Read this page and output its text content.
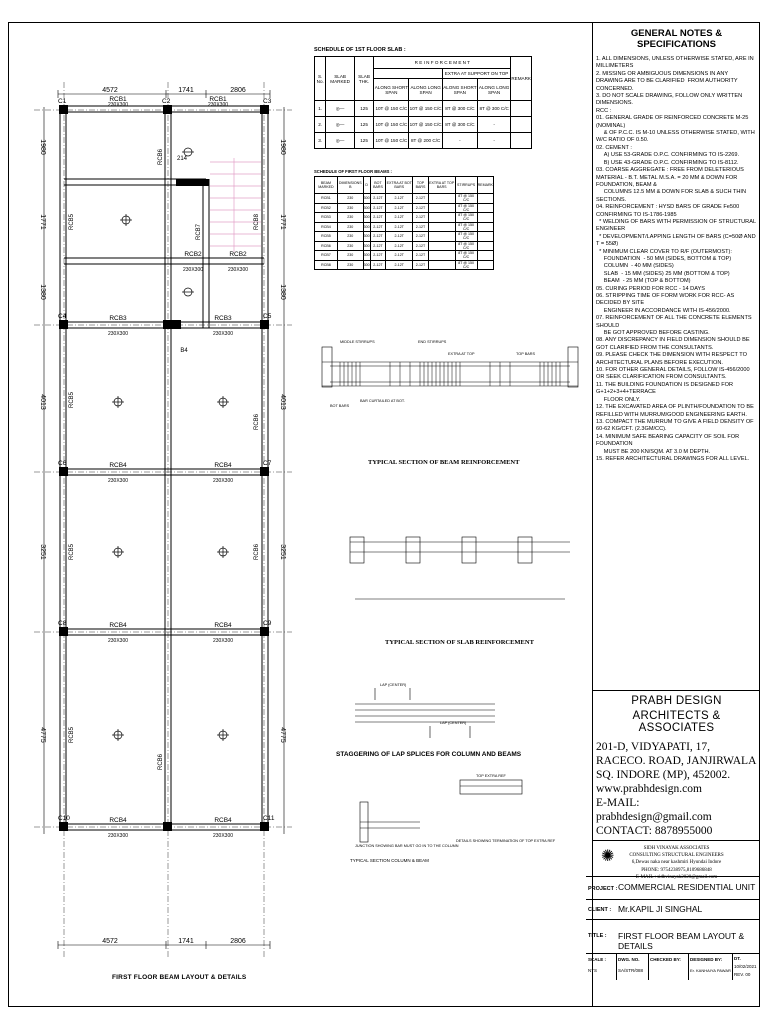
4572	1741	2806
4572	1741	2806
1980
1771
1380
4013
3251
4775
1980
1771
1380
4013
3251
4775
C1	C2	C3
C4	C5
C6	C7
C8	C9
C10	C11
RCB1
230X300
RCB1
230X300
RCB2
230X300
RCB2
230X300
RCB3
230X300
RCB3
230X300
RCB4
230X300
RCB4
230X300
RCB4
230X300
RCB4
230X300
RCB4
230X300
RCB4
230X300
RCB5
RCB6
RCB7
RCB8
RCB5
RCB6
RCB5	RCB6
RCB6
RCB5
214
B4
FIRST FLOOR BEAM LAYOUT & DETAILS
SCHEDULE OF 1ST FLOOR SLAB :
S. No.	SLAB MARKED	SLAB THK.	R E I N F O R C E M E N T				REMARK
					EXTRA AT SUPPORT ON TOP		
			ALONG SHORT SPAN	ALONG LONG SPAN	ALONG SHORT SPAN	ALONG LONG SPAN	
1.	◎—	125	10T @ 150 C/C	10T @ 150 C/C	8T @ 300 C/C	8T @ 300 C/C	
2.	◎—	125	10T @ 150 C/C	10T @ 150 C/C	8T @ 300 C/C	-	
3.	◎—	125	10T @ 150 C/C	8T @ 200 C/C	-	-	
SCHEDULE OF FIRST FLOOR BEAMS :
BEAM MARKED	DIMENSIONS B	D	BOT BARS	EXTRA AT BOT BARS	TOP BARS	EXTRA AT TOP BARS	STIRRUPS	REMARK
RCB1	230	300	2-12T	2-12T	2-12T		8T @ 150 C/C	
RCB2	230	300	2-12T	2-12T	2-12T		8T @ 150 C/C	
RCB3	230	300	2-12T	2-12T	2-12T		8T @ 150 C/C	
RCB4	230	300	2-12T	2-12T	2-12T		8T @ 150 C/C	
RCB5	230	300	2-12T	2-12T	2-12T		8T @ 150 C/C	
RCB6	230	300	2-12T	2-12T	2-12T		8T @ 150 C/C	
RCB7	230	300	2-12T	2-12T	2-12T		8T @ 150 C/C	
RCB8	230	300	2-12T	2-12T	2-12T		8T @ 150 C/C	
TYPICAL SECTION OF BEAM REINFORCEMENT
TYPICAL SECTION OF SLAB REINFORCEMENT
STAGGERING OF LAP SPLICES FOR COLUMN AND BEAMS
TYPICAL SECTION COLUMN & BEAM
MIDDLE STIRRUPS	END STIRRUPS
EXTRA AT TOP	TOP BARS
BOT BARS
BAR CURTAILED AT BOT.
LAP (CENTER)
LAP (CENTER)
TOP EXTRA REF
JUNCTION SHOWING BAR MUST GO IN TO THE COLUMN
DETAILS SHOWING TERMINATION OF TOP EXTRA REF
GENERAL NOTES & SPECIFICATIONS
1. ALL DIMENSIONS, UNLESS OTHERWISE STATED, ARE IN MILLIMETERS
2. MISSING OR AMBIGUOUS DIMENSIONS IN ANY DRAWING ARE TO BE CLARIFIED  FROM AUTHORITY CONCERNED.
3. DO NOT SCALE DRAWING, FOLLOW ONLY WRITTEN DIMENSIONS.
RCC :
01. GENERAL GRADE OF REINFORCED CONCRETE M-25 (NOMINAL)
& OF P.C.C. IS M-10 UNLESS OTHERWISE STATED, WITH W/C RATIO OF 0.50.
02. CEMENT :
A) USE 53-GRADE O.P.C. CONFIRMING TO IS-2269.
B) USE 43-GRADE O.P.C. CONFIRMING TO IS-8112.
03. COARSE AGGREGATE : FREE FROM DELETERIOUS MATERIAL - B.T. METAL M.S.A. = 20 MM & DOWN FOR FOUNDATION, BEAM &
COLUMNS 12.5 MM & DOWN FOR SLAB & SUCH THIN SECTIONS.
04. REINFORCEMENT : HYSD BARS OF GRADE Fe500 CONFIRMING TO IS-1786-1985
* WELDING OF BARS WITH PERMISSION OF STRUCTURAL ENGINEER
* DEVELOPMENT/LAPPING LENGTH OF BARS (C=50Ø AND T = 55Ø)
* MINIMUM CLEAR COVER TO R/F (OUTERMOST):
FOUNDATION  - 50 MM (SIDES, BOTTOM & TOP)
COLUMN  - 40 MM (SIDES)
SLAB  - 15 MM (SIDES) 25 MM (BOTTOM & TOP)
BEAM  - 25 MM (TOP & BOTTOM)
05. CURING PERIOD FOR RCC - 14 DAYS
06. STRIPPING TIME OF FORM WORK FOR RCC- AS DECIDED BY SITE
ENGINEER IN ACCORDANCE WITH IS-456/2000.
07. REINFORCEMENT OF ALL THE CONCRETE ELEMENTS SHOULD
BE GOT APPROVED BEFORE CASTING.
08. ANY DISCREPANCY IN FIELD DIMENSION SHOULD BE GOT CLARIFIED FROM THE CONSULTANTS.
09. PLEASE CHECK THE DIMENSION WITH RESPECT TO ARCHITECTURAL PLANS BEFORE EXECUTION.
10. FOR OTHER GENERAL DETAILS, FOLLOW IS-456/2000 OR SEEK CLARIFICATION FROM CONSULTANTS.
11. THE BUILDING FOUNDATION IS DESIGNED FOR G+1+2+3+4+TERRACE
FLOOR ONLY.
12. THE EXCAVATED AREA OF PLINTH/FOUNDATION TO BE REFILLED WITH MURRUM/GOOD ENGINEERING EARTH.
13. COMPACT THE MURRUM TO GIVE A FIELD DENSITY OF 60-62 KG/CFT. (2.3GM/CC).
14. MINIMUM SAFE BEARING CAPACITY OF SOIL FOR FOUNDATION
MUST BE 200 KN/SQM. AT 3.0 M DEPTH.
15. REFER ARCHITECTURAL DRAWINGS FOR ALL LEVEL.
PRABH DESIGN
ARCHITECTS & ASSOCIATES
201-D, VIDYAPATI, 17, RACECO. ROAD, JANJIRWALA SQ. INDORE (MP), 452002.
www.prabhdesign.com
E-MAIL: prabhdesign@gmail.com
CONTACT: 8878955000
✺	SIDH VINAYAK ASSOCIATES
CONSULTING STRUCTURAL ENGINEERS
6,Dewas naka near kashmiri Hyundai Indore
PHONE: 9754238975,8109686848
E-MAIL : sidhvinayak2020@gmail.com
PROJECT : COMMERCIAL RESIDENTIAL UNIT
CLIENT : Mr.KAPIL JI SINGHAL
TITLE : FIRST FLOOR BEAM LAYOUT & DETAILS
SCALE :
NTS
DWG. NO.
SA/STR/088
CHECKED BY: DESIGNED BY:
Er. KANHAIYA PAWAR
DT.
10/02/2021
REV. 00
